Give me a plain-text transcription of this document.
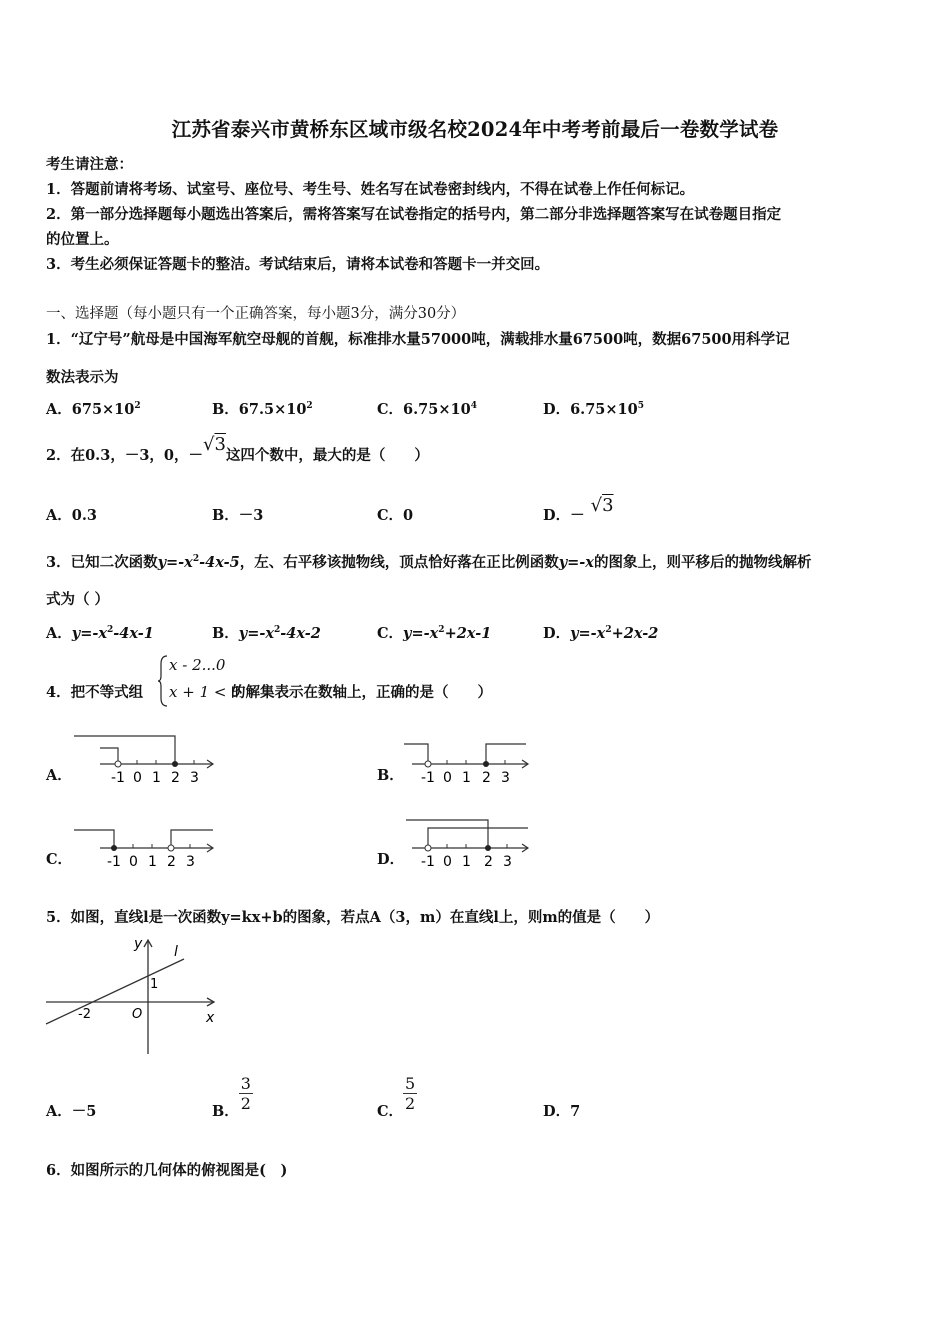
江苏省泰兴市黄桥东区域市级名校2024年中考考前最后一卷数学试卷
考生请注意：
1．答题前请将考场、试室号、座位号、考生号、姓名写在试卷密封线内，不得在试卷上作任何标记。
2．第一部分选择题每小题选出答案后，需将答案写在试卷指定的括号内，第二部分非选择题答案写在试卷题目指定
的位置上。
3．考生必须保证答题卡的整洁。考试结束后，请将本试卷和答题卡一并交回。
一、选择题（每小题只有一个正确答案，每小题3分，满分30分）
1．“辽宁号”航母是中国海军航空母舰的首舰，标准排水量57000吨，满载排水量67500吨，数据67500用科学记
数法表示为
A．$675\times 10^2$	B．$67.5\times 10^2$	C．$6.75\times 10^4$	D．$6.75\times 10^5$
2．在0.3，－3，0，－√3这四个数中，最大的是（　　）
A．0.3	B．－3	C．0	D．－ √3
3．已知二次函数$y=-x^2-4x-5$，左、右平移该抛物线，顶点恰好落在正比例函数y=-x的图象上，则平移后的抛物线解析
式为（ ）
A．$y=-x^2-4x-1$	B．$y=-x^2-4x-2$	C．$y=-x^2+2x-1$	D．$y=-x^2+2x-2$
4．把不等式组
x - 2...0
x + 1 < 0
的解集表示在数轴上，正确的是（　　）
A．	B．
C．	D．
-1 0 1 2 3	-1 0 1 2 3
-1 0 1 2 3	-1 0 1 2 3
5．如图，直线l是一次函数y=kx+b的图象，若点A（3，m）在直线l上，则m的值是（　　）
y
x
l
1
O
-2
A．－5	B． $\frac{3}{2}$	C． $\frac{5}{2}$	D．7
6．如图所示的几何体的俯视图是(　)
